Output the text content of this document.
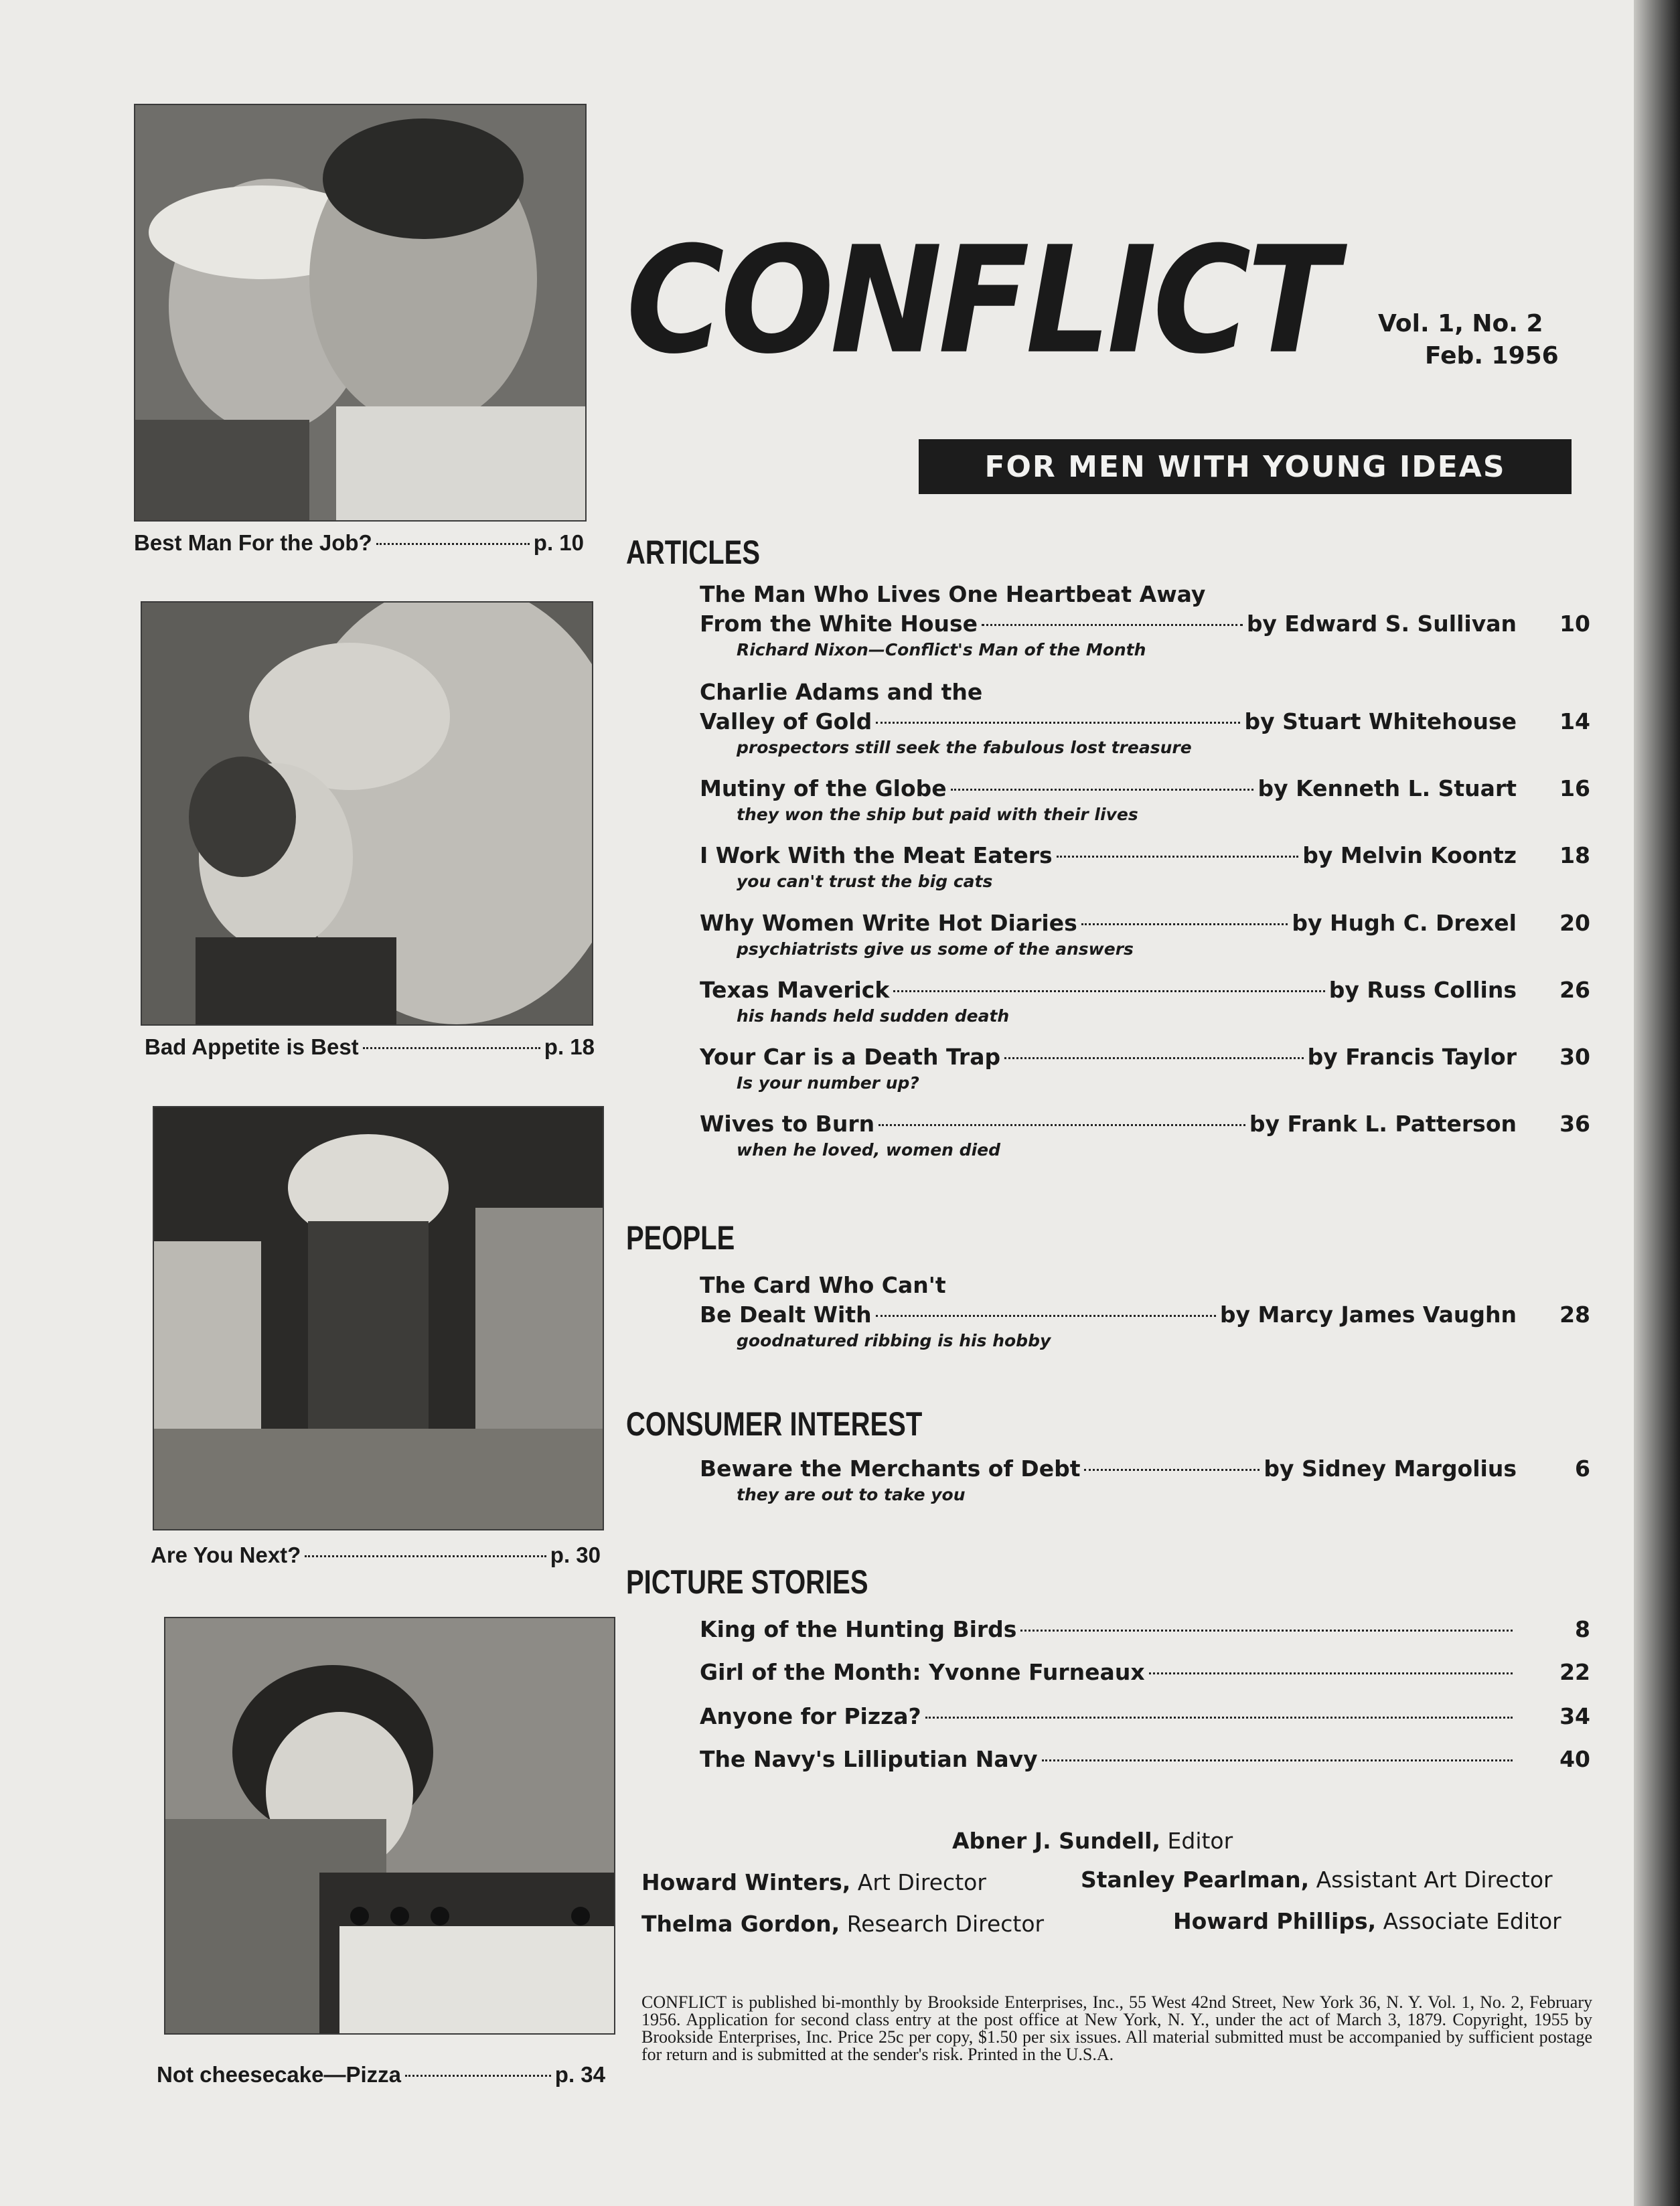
Best Man For the Job?	p. 10
Bad Appetite is Best	p. 18
Are You Next?	p. 30
Not cheesecake—Pizza	p. 34
CONFLICT Vol. 1, No. 2
Feb. 1956
FOR MEN WITH YOUNG IDEAS
ARTICLES
The Man Who Lives One Heartbeat Away
From the White House	by Edward S. Sullivan	10
Richard Nixon—Conflict's Man of the Month
Charlie Adams and the
Valley of Gold	by Stuart Whitehouse	14
prospectors still seek the fabulous lost treasure
Mutiny of the Globe	by Kenneth L. Stuart	16
they won the ship but paid with their lives
I Work With the Meat Eaters	by Melvin Koontz	18
you can't trust the big cats
Why Women Write Hot Diaries	by Hugh C. Drexel	20
psychiatrists give us some of the answers
Texas Maverick	by Russ Collins	26
his hands held sudden death
Your Car is a Death Trap	by Francis Taylor	30
Is your number up?
Wives to Burn	by Frank L. Patterson	36
when he loved, women died
PEOPLE
The Card Who Can't
Be Dealt With	by Marcy James Vaughn	28
goodnatured ribbing is his hobby
CONSUMER INTEREST
Beware the Merchants of Debt	by Sidney Margolius	6
they are out to take you
PICTURE STORIES
King of the Hunting Birds	8
Girl of the Month: Yvonne Furneaux	22
Anyone for Pizza?	34
The Navy's Lilliputian Navy	40
Abner J. Sundell, Editor
Howard Winters, Art Director	Stanley Pearlman, Assistant Art Director
Thelma Gordon, Research Director	Howard Phillips, Associate Editor
CONFLICT is published bi-monthly by Brookside Enterprises, Inc., 55 West 42nd Street, New York 36, N. Y. Vol. 1, No. 2, February 1956. Application for second class entry at the post office at New York, N. Y., under the act of March 3, 1879. Copyright, 1955 by Brookside Enterprises, Inc. Price 25c per copy, $1.50 per six issues. All material submitted must be accompanied by sufficient postage for return and is submitted at the sender's risk. Printed in the U.S.A.
